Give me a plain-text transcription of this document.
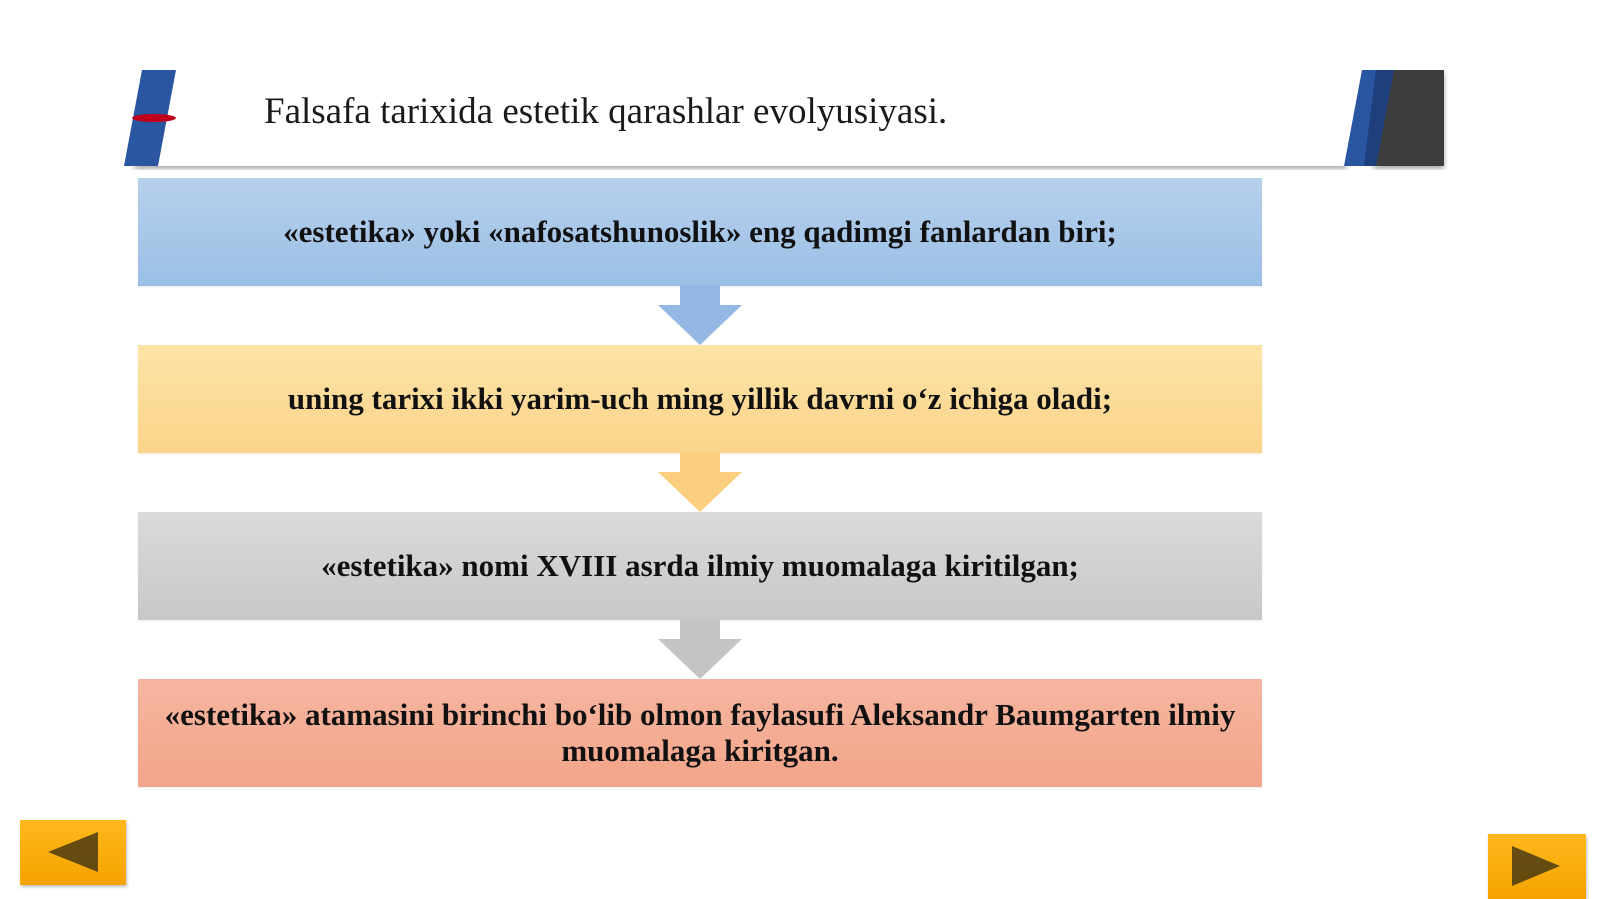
Falsafa tarixida estetik qarashlar evolyusiyasi.
«estetika» yoki «nafosatshunoslik» eng qadimgi fanlardan biri;
uning tarixi ikki yarim-uch ming yillik davrni o‘z ichiga oladi;
«estetika» nomi XVIII asrda ilmiy muomalaga kiritilgan;
«estetika» atamasini birinchi bo‘lib olmon faylasufi Aleksandr Baumgarten ilmiy muomalaga kiritgan.
